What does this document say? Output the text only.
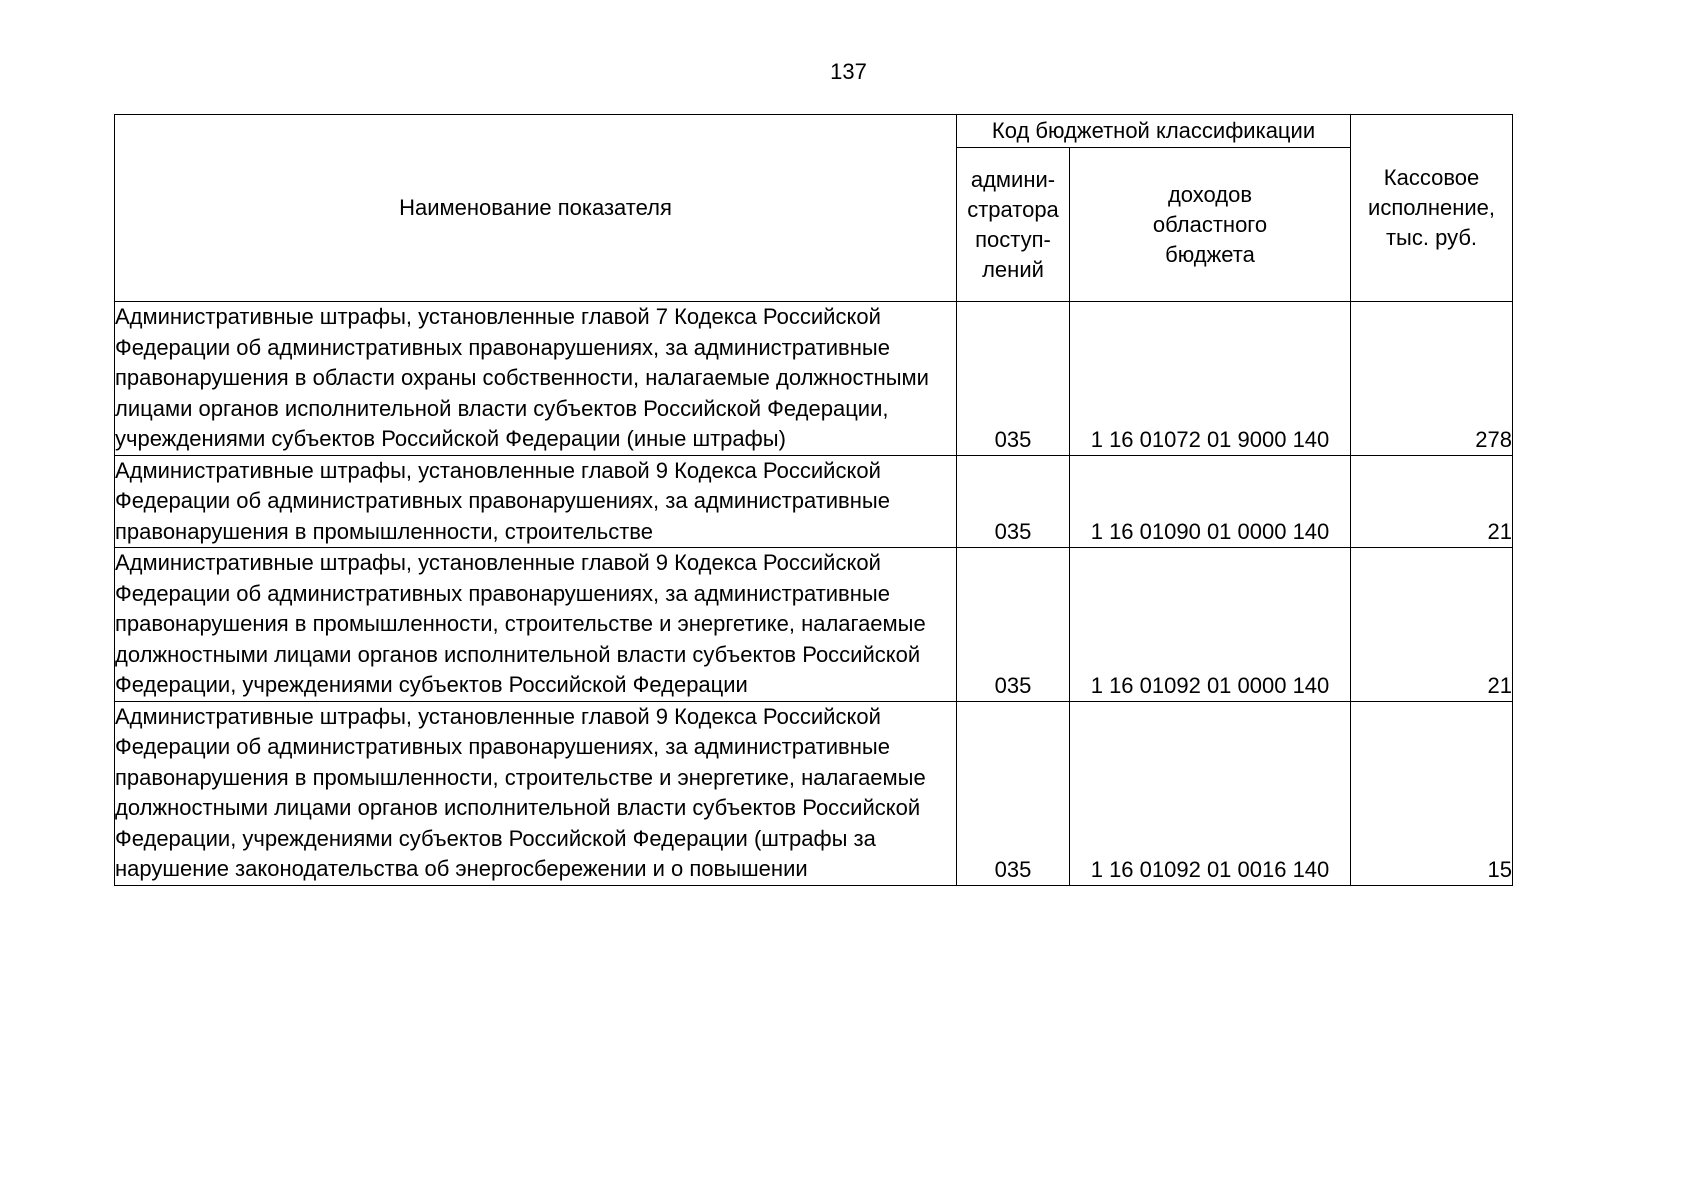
137
Наименование показателя	Код бюджетной классификации		Кассовое
исполнение,
тыс. руб.

	админи-
стратора
поступ-
лений	доходов
областного
бюджета	

Административные штрафы, установленные главой 7 Кодекса Российской Федерации об административных правонарушениях, за административные правонарушения в области охраны собственности, налагаемые должностными лицами органов исполнительной власти субъектов Российской Федерации, учреждениями субъектов Российской Федерации (иные штрафы)	035	1 16 01072 01 9000 140	278
Административные штрафы, установленные главой 9 Кодекса Российской Федерации об административных правонарушениях, за административные правонарушения в промышленности, строительстве	035	1 16 01090 01 0000 140	21
Административные штрафы, установленные главой 9 Кодекса Российской Федерации об административных правонарушениях, за административные правонарушения в промышленности, строительстве и энергетике, налагаемые должностными лицами органов исполнительной власти субъектов Российской Федерации, учреждениями субъектов Российской Федерации	035	1 16 01092 01 0000 140	21
Административные штрафы, установленные главой 9 Кодекса Российской Федерации об административных правонарушениях, за административные правонарушения в промышленности, строительстве и энергетике, налагаемые должностными лицами органов исполнительной власти субъектов Российской Федерации, учреждениями субъектов Российской Федерации (штрафы за нарушение законодательства об энергосбережении и о повышении	035	1 16 01092 01 0016 140	15
